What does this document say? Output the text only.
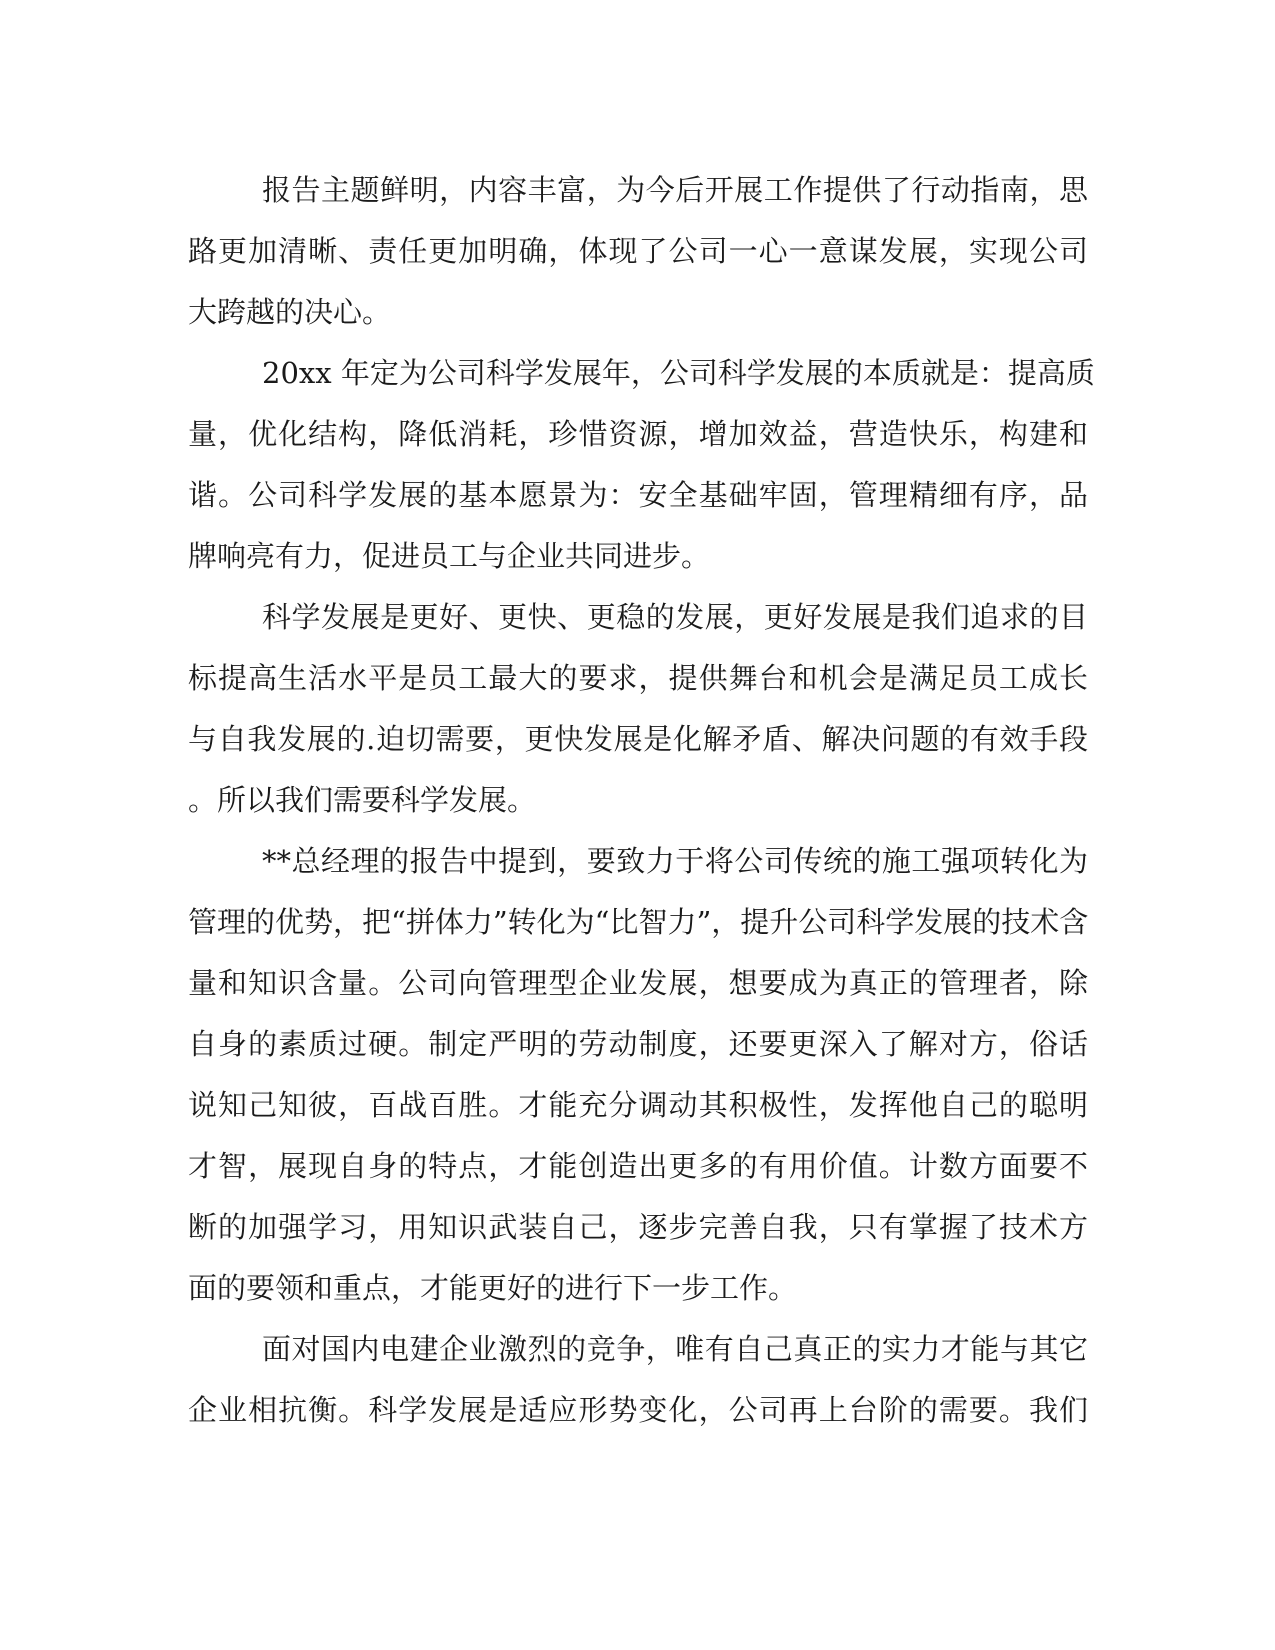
报告主题鲜明，内容丰富，为今后开展工作提供了行动指南，思
路更加清晰、责任更加明确，体现了公司一心一意谋发展，实现公司
大跨越的决心。
20xx 年定为公司科学发展年，公司科学发展的本质就是：提高质
量，优化结构，降低消耗，珍惜资源，增加效益，营造快乐，构建和
谐。公司科学发展的基本愿景为：安全基础牢固，管理精细有序，品
牌响亮有力，促进员工与企业共同进步。
科学发展是更好、更快、更稳的发展，更好发展是我们追求的目
标提高生活水平是员工最大的要求，提供舞台和机会是满足员工成长
与自我发展的.迫切需要，更快发展是化解矛盾、解决问题的有效手段
。所以我们需要科学发展。
**总经理的报告中提到，要致力于将公司传统的施工强项转化为
管理的优势，把“拼体力”转化为“比智力”，提升公司科学发展的技术含
量和知识含量。公司向管理型企业发展，想要成为真正的管理者，除
自身的素质过硬。制定严明的劳动制度，还要更深入了解对方，俗话
说知己知彼，百战百胜。才能充分调动其积极性，发挥他自己的聪明
才智，展现自身的特点，才能创造出更多的有用价值。计数方面要不
断的加强学习，用知识武装自己，逐步完善自我，只有掌握了技术方
面的要领和重点，才能更好的进行下一步工作。
面对国内电建企业激烈的竞争，唯有自己真正的实力才能与其它
企业相抗衡。科学发展是适应形势变化，公司再上台阶的需要。我们
